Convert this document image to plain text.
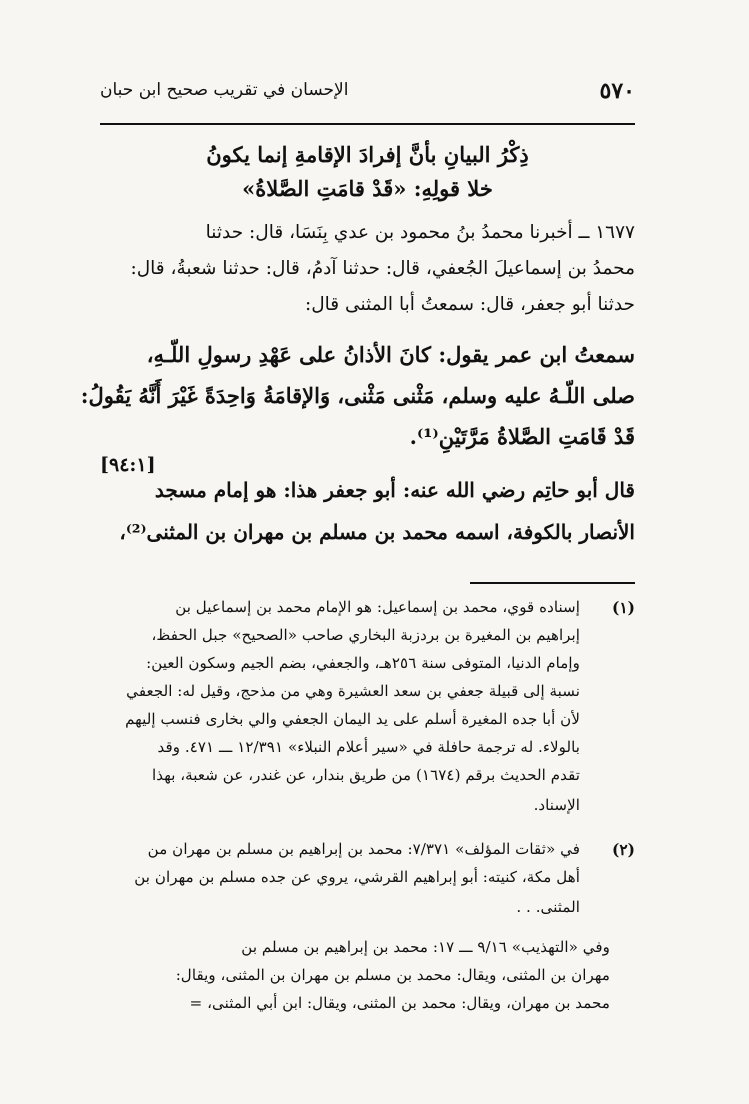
٥٧٠
الإحسان في تقريب صحيح ابن حبان
ذِكْرُ البيانِ بأنَّ إفرادَ الإقامةِ إنما يكونُ
خلا قولِهِ: «قَدْ قامَتِ الصَّلاةُ»
١٦٧٧ ــ أخبرنا محمدُ بنُ محمود بن عدي بِنَسَا، قال: حدثنا
محمدُ بن إسماعيلَ الجُعفي، قال: حدثنا آدمُ، قال: حدثنا شعبةُ، قال:
حدثنا أبو جعفر، قال: سمعتُ أبا المثنى قال:
سمعتُ ابن عمر يقول: كانَ الأذانُ على عَهْدِ رسولِ اللّـهِ،
صلى اللّـهُ عليه وسلم، مَثْنى مَثْنى، وَالإقامَةُ وَاحِدَةً غَيْرَ أَنَّهُ يَقُولُ:
قَدْ قَامَتِ الصَّلاةُ مَرَّتَيْنِ⁽¹⁾.
[٩٤:١]
قال أبو حاتِم رضي الله عنه: أبو جعفر هذا: هو إمام مسجد
الأنصار بالكوفة، اسمه محمد بن مسلم بن مهران بن المثنى⁽²⁾،
(١)
إسناده قوي، محمد بن إسماعيل: هو الإمام محمد بن إسماعيل بن
إبراهيم بن المغيرة بن بردزبة البخاري صاحب «الصحيح» جبل الحفظ،
وإمام الدنيا، المتوفى سنة ٢٥٦هـ، والجعفي، بضم الجيم وسكون العين:
نسبة إلى قبيلة جعفي بن سعد العشيرة وهي من مذحج، وقيل له: الجعفي
لأن أبا جده المغيرة أسلم على يد اليمان الجعفي والي بخارى فنسب إليهم
بالولاء. له ترجمة حافلة في «سير أعلام النبلاء» ١٢/٣٩١ ـــ ٤٧١. وقد
تقدم الحديث برقم (١٦٧٤) من طريق بندار، عن غندر، عن شعبة، بهذا
الإسناد.
(٢)
في «ثقات المؤلف» ٧/٣٧١: محمد بن إبراهيم بن مسلم بن مهران من
أهل مكة، كنيته: أبو إبراهيم القرشي، يروي عن جده مسلم بن مهران بن
المثنى. . .
وفي «التهذيب» ٩/١٦ ـــ ١٧: محمد بن إبراهيم بن مسلم بن
مهران بن المثنى، ويقال: محمد بن مسلم بن مهران بن المثنى، ويقال:
محمد بن مهران، ويقال: محمد بن المثنى، ويقال: ابن أبي المثنى، =
